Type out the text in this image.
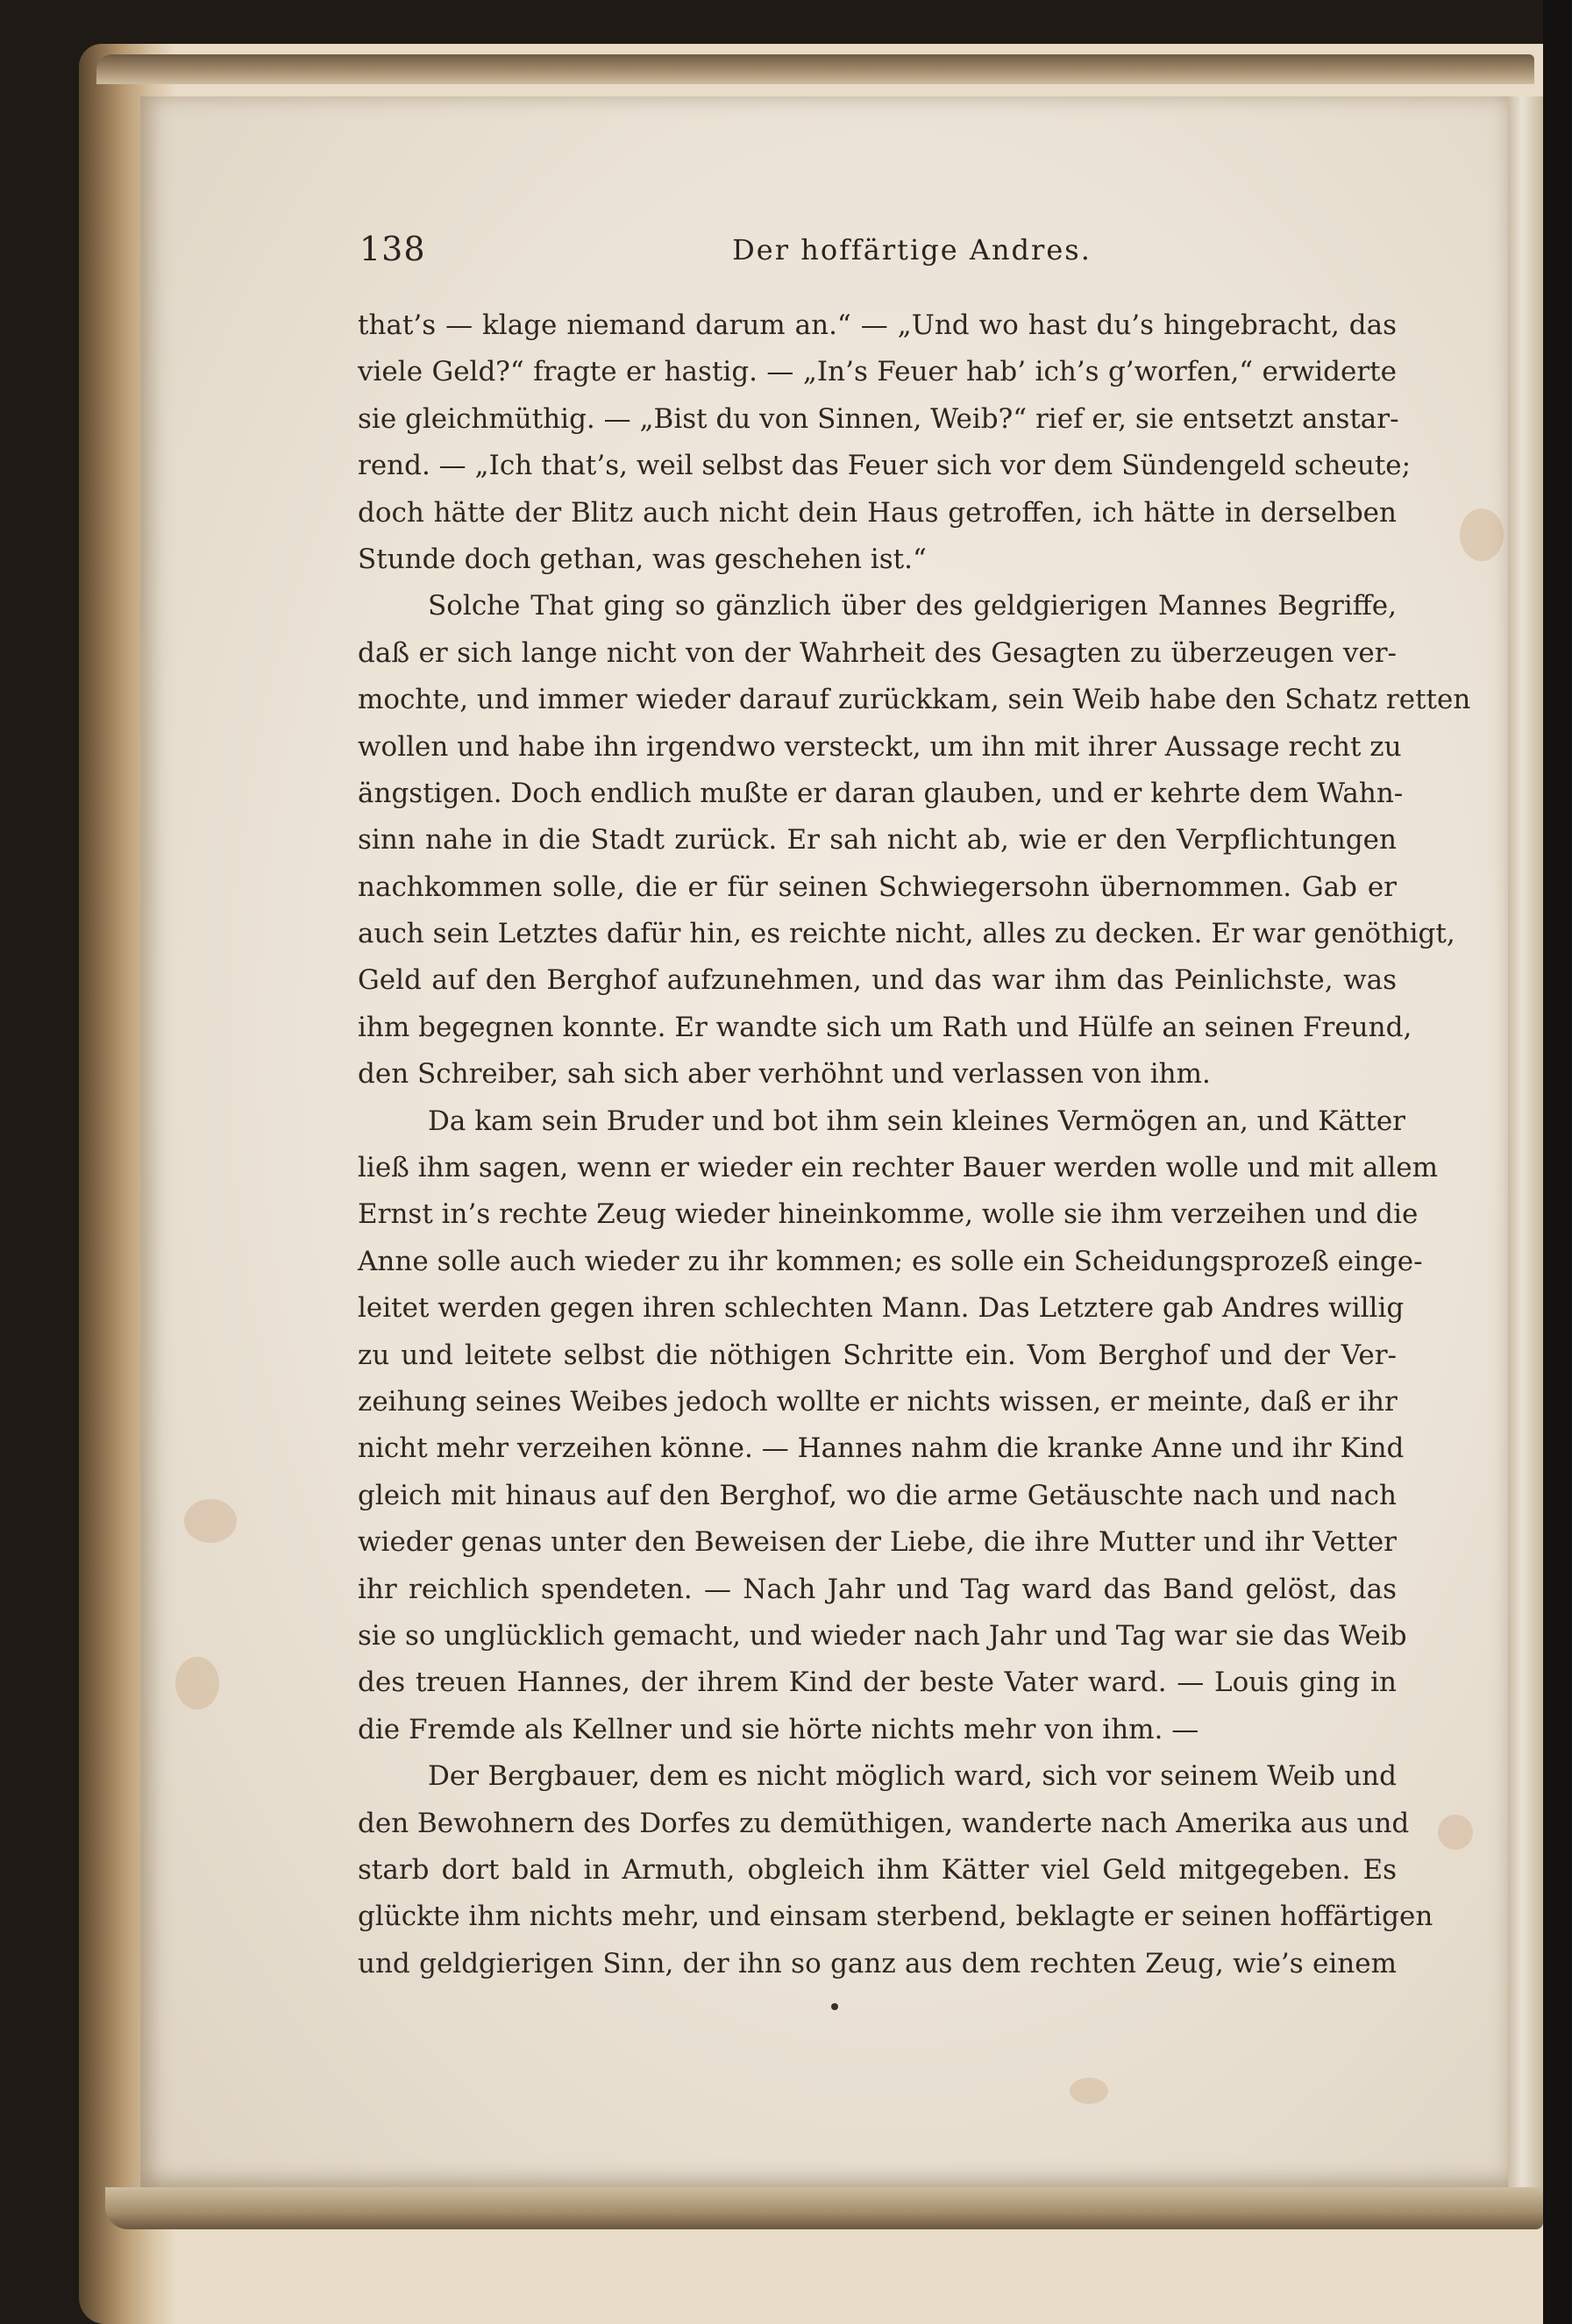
138	Der hoffärtige Andres.
that’s — klage niemand darum an.“ — „Und wo hast du’s hingebracht, das
viele Geld?“ fragte er hastig. — „In’s Feuer hab’ ich’s g’worfen,“ erwiderte
sie gleichmüthig. — „Bist du von Sinnen, Weib?“ rief er, sie entsetzt anstar-
rend. — „Ich that’s, weil selbst das Feuer sich vor dem Sündengeld scheute;
doch hätte der Blitz auch nicht dein Haus getroffen, ich hätte in derselben
Stunde doch gethan, was geschehen ist.“
Solche That ging so gänzlich über des geldgierigen Mannes Begriffe,
daß er sich lange nicht von der Wahrheit des Gesagten zu überzeugen ver-
mochte, und immer wieder darauf zurückkam, sein Weib habe den Schatz retten
wollen und habe ihn irgendwo versteckt, um ihn mit ihrer Aussage recht zu
ängstigen. Doch endlich mußte er daran glauben, und er kehrte dem Wahn-
sinn nahe in die Stadt zurück. Er sah nicht ab, wie er den Verpflichtungen
nachkommen solle, die er für seinen Schwiegersohn übernommen. Gab er
auch sein Letztes dafür hin, es reichte nicht, alles zu decken. Er war genöthigt,
Geld auf den Berghof aufzunehmen, und das war ihm das Peinlichste, was
ihm begegnen konnte. Er wandte sich um Rath und Hülfe an seinen Freund,
den Schreiber, sah sich aber verhöhnt und verlassen von ihm.
Da kam sein Bruder und bot ihm sein kleines Vermögen an, und Kätter
ließ ihm sagen, wenn er wieder ein rechter Bauer werden wolle und mit allem
Ernst in’s rechte Zeug wieder hineinkomme, wolle sie ihm verzeihen und die
Anne solle auch wieder zu ihr kommen; es solle ein Scheidungsprozeß einge-
leitet werden gegen ihren schlechten Mann. Das Letztere gab Andres willig
zu und leitete selbst die nöthigen Schritte ein. Vom Berghof und der Ver-
zeihung seines Weibes jedoch wollte er nichts wissen, er meinte, daß er ihr
nicht mehr verzeihen könne. — Hannes nahm die kranke Anne und ihr Kind
gleich mit hinaus auf den Berghof, wo die arme Getäuschte nach und nach
wieder genas unter den Beweisen der Liebe, die ihre Mutter und ihr Vetter
ihr reichlich spendeten. — Nach Jahr und Tag ward das Band gelöst, das
sie so unglücklich gemacht, und wieder nach Jahr und Tag war sie das Weib
des treuen Hannes, der ihrem Kind der beste Vater ward. — Louis ging in
die Fremde als Kellner und sie hörte nichts mehr von ihm. —
Der Bergbauer, dem es nicht möglich ward, sich vor seinem Weib und
den Bewohnern des Dorfes zu demüthigen, wanderte nach Amerika aus und
starb dort bald in Armuth, obgleich ihm Kätter viel Geld mitgegeben. Es
glückte ihm nichts mehr, und einsam sterbend, beklagte er seinen hoffärtigen
und geldgierigen Sinn, der ihn so ganz aus dem rechten Zeug, wie’s einem
